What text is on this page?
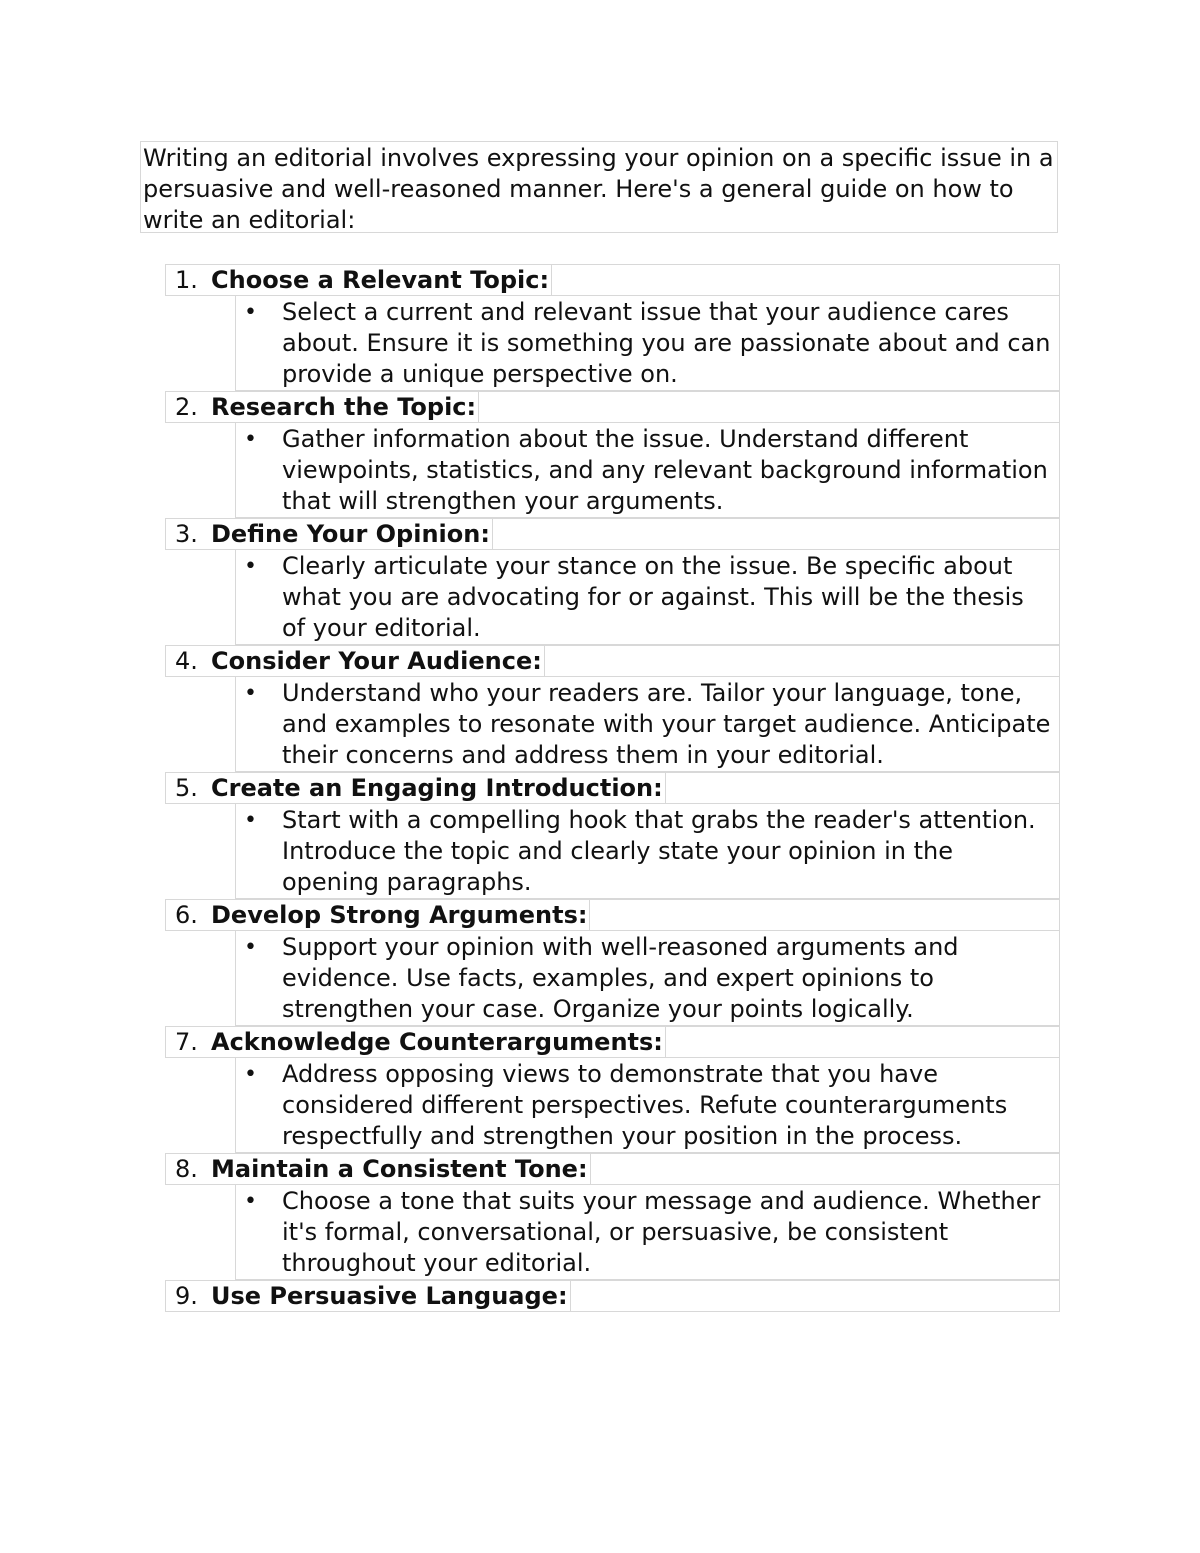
Writing an editorial involves expressing your opinion on a specific issue in a persuasive and well-reasoned manner. Here's a general guide on how to write an editorial:
1. Choose a Relevant Topic:
• Select a current and relevant issue that your audience cares about. Ensure it is something you are passionate about and can provide a unique perspective on.
2. Research the Topic:
• Gather information about the issue. Understand different viewpoints, statistics, and any relevant background information that will strengthen your arguments.
3. Define Your Opinion:
• Clearly articulate your stance on the issue. Be specific about what you are advocating for or against. This will be the thesis of your editorial.
4. Consider Your Audience:
• Understand who your readers are. Tailor your language, tone, and examples to resonate with your target audience. Anticipate their concerns and address them in your editorial.
5. Create an Engaging Introduction:
• Start with a compelling hook that grabs the reader's attention. Introduce the topic and clearly state your opinion in the opening paragraphs.
6. Develop Strong Arguments:
• Support your opinion with well-reasoned arguments and evidence. Use facts, examples, and expert opinions to strengthen your case. Organize your points logically.
7. Acknowledge Counterarguments:
• Address opposing views to demonstrate that you have considered different perspectives. Refute counterarguments respectfully and strengthen your position in the process.
8. Maintain a Consistent Tone:
• Choose a tone that suits your message and audience. Whether it's formal, conversational, or persuasive, be consistent throughout your editorial.
9. Use Persuasive Language:
